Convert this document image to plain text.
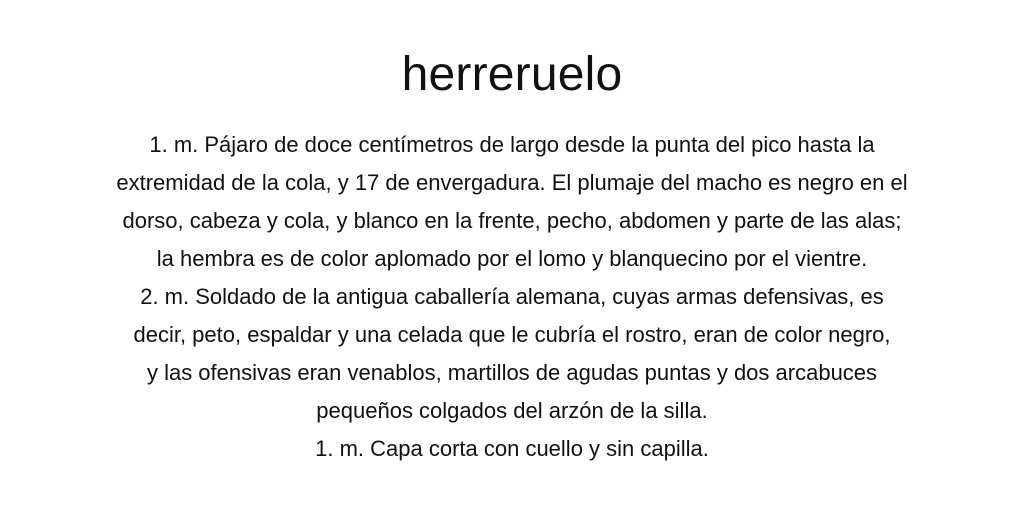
herreruelo

1. m. Pájaro de doce centímetros de largo desde la punta del pico hasta la
extremidad de la cola, y 17 de envergadura. El plumaje del macho es negro en el
dorso, cabeza y cola, y blanco en la frente, pecho, abdomen y parte de las alas;
la hembra es de color aplomado por el lomo y blanquecino por el vientre.
2. m. Soldado de la antigua caballería alemana, cuyas armas defensivas, es
decir, peto, espaldar y una celada que le cubría el rostro, eran de color negro,
y las ofensivas eran venablos, martillos de agudas puntas y dos arcabuces
pequeños colgados del arzón de la silla.
1. m. Capa corta con cuello y sin capilla.
